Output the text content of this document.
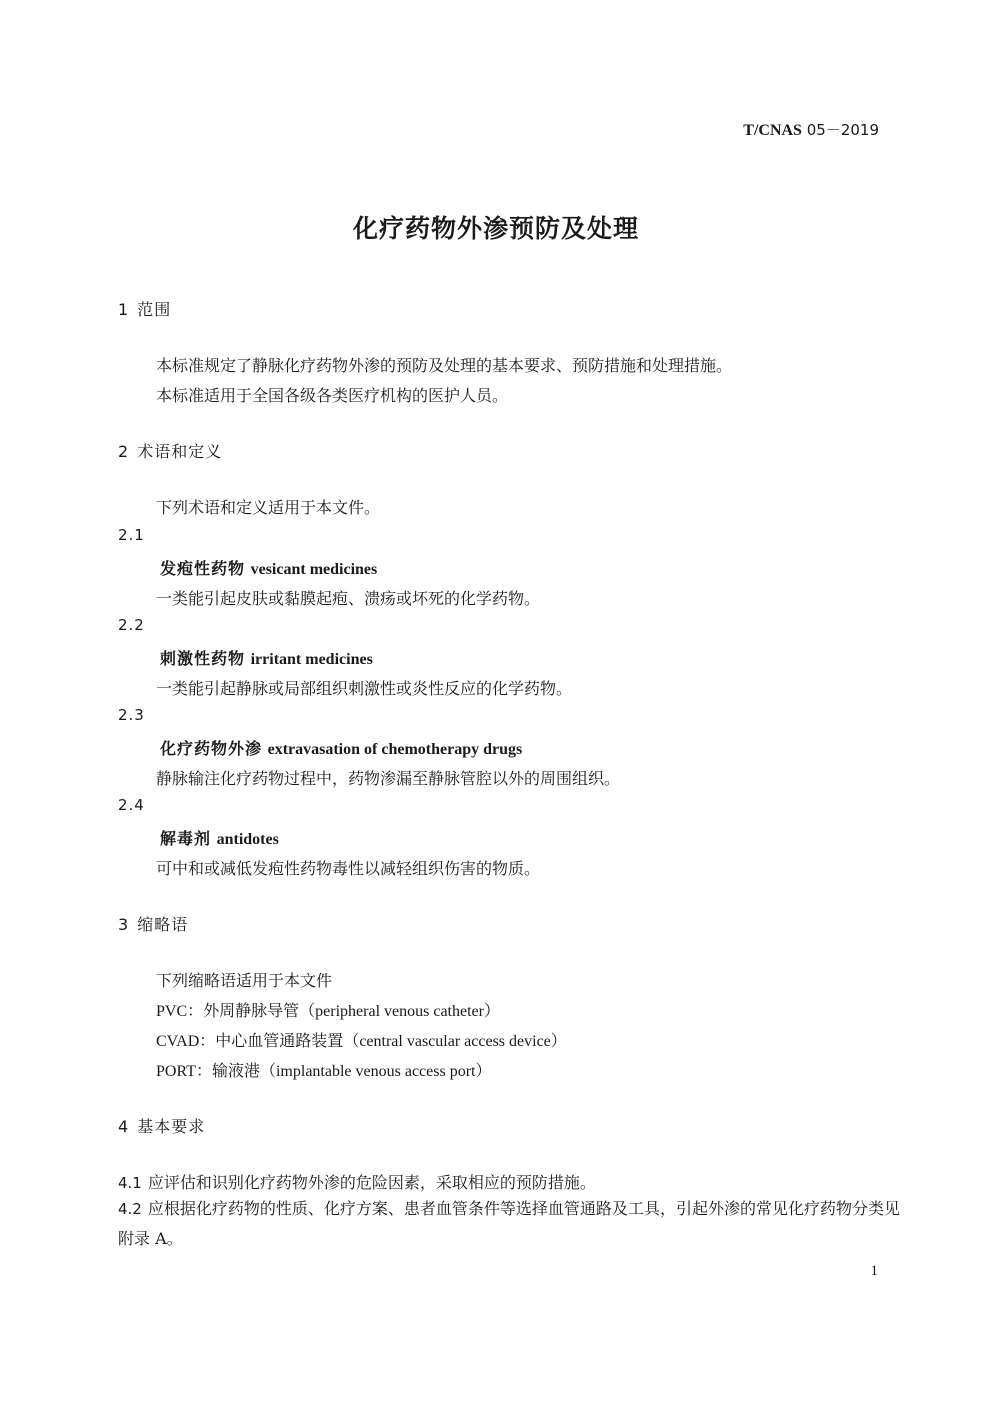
T/CNAS 05－2019
化疗药物外渗预防及处理
1 范围
本标准规定了静脉化疗药物外渗的预防及处理的基本要求、预防措施和处理措施。
本标准适用于全国各级各类医疗机构的医护人员。
2 术语和定义
下列术语和定义适用于本文件。
2.1
发疱性药物 vesicant medicines
一类能引起皮肤或黏膜起疱、溃疡或坏死的化学药物。
2.2
刺激性药物 irritant medicines
一类能引起静脉或局部组织刺激性或炎性反应的化学药物。
2.3
化疗药物外渗 extravasation of chemotherapy drugs
静脉输注化疗药物过程中，药物渗漏至静脉管腔以外的周围组织。
2.4
解毒剂 antidotes
可中和或减低发疱性药物毒性以减轻组织伤害的物质。
3 缩略语
下列缩略语适用于本文件
PVC：外周静脉导管（peripheral venous catheter）
CVAD：中心血管通路装置（central vascular access device）
PORT：输液港（implantable venous access port）
4 基本要求
4.1 应评估和识别化疗药物外渗的危险因素，采取相应的预防措施。
4.2 应根据化疗药物的性质、化疗方案、患者血管条件等选择血管通路及工具，引起外渗的常见化疗药物分类见附录 A。
1
